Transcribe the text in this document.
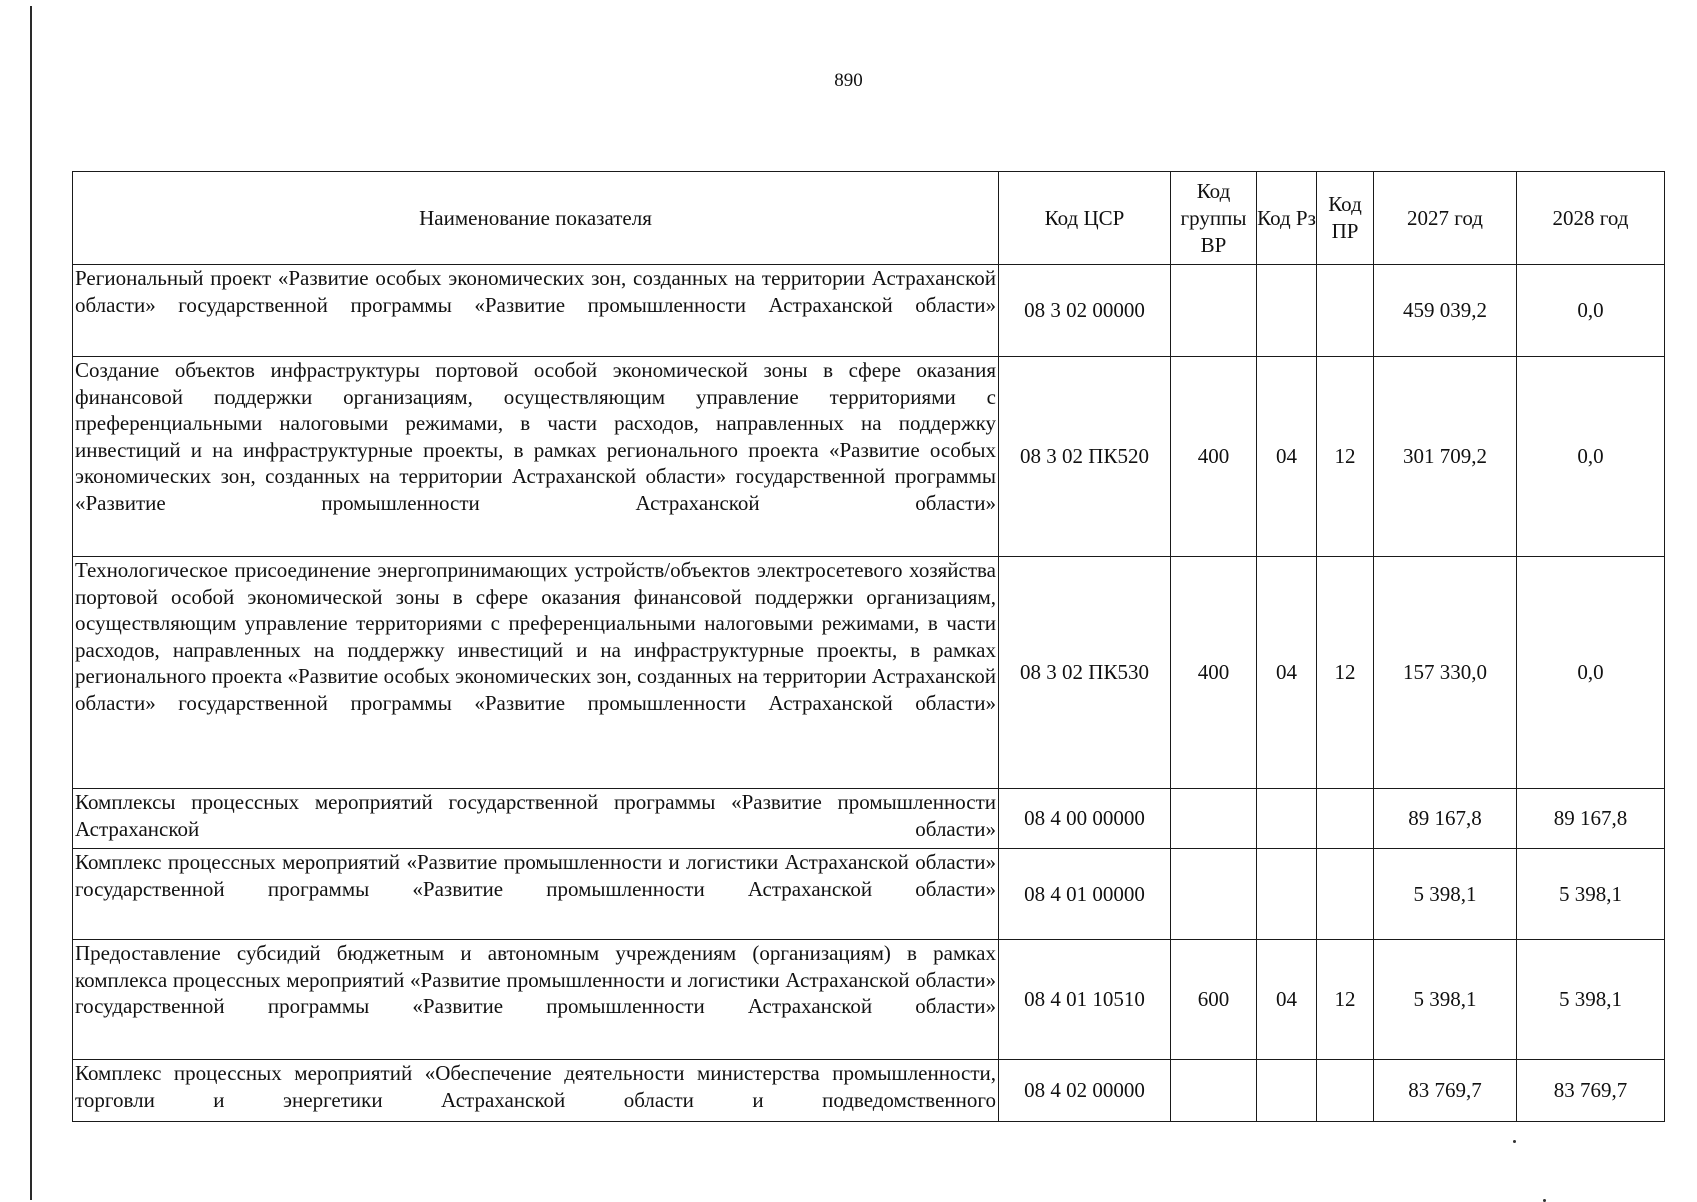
890
Наименование показателя	Код ЦСР	Код группы ВР	Код Рз	Код ПР	2027 год	2028 год
Региональный проект «Развитие особых экономических зон, созданных на территории Астраханской области» государственной программы «Развитие промышленности Астраханской области»	08 3 02 00000				459 039,2	0,0
Создание объектов инфраструктуры портовой особой экономической зоны в сфере оказания финансовой поддержки организациям, осуществляющим управление территориями с преференциальными налоговыми режимами, в части расходов, направленных на поддержку инвестиций и на инфраструктурные проекты, в рамках регионального проекта «Развитие особых экономических зон, созданных на территории Астраханской области» государственной программы «Развитие промышленности Астраханской области»	08 3 02 ПК520	400	04	12	301 709,2	0,0
Технологическое присоединение энергопринимающих устройств/объектов электросетевого хозяйства портовой особой экономической зоны в сфере оказания финансовой поддержки организациям, осуществляющим управление территориями с преференциальными налоговыми режимами, в части расходов, направленных на поддержку инвестиций и на инфраструктурные проекты, в рамках регионального проекта «Развитие особых экономических зон, созданных на территории Астраханской области» государственной программы «Развитие промышленности Астраханской области»	08 3 02 ПК530	400	04	12	157 330,0	0,0
Комплексы процессных мероприятий государственной программы «Развитие промышленности Астраханской области»	08 4 00 00000				89 167,8	89 167,8
Комплекс процессных мероприятий «Развитие промышленности и логистики Астраханской области» государственной программы «Развитие промышленности Астраханской области»	08 4 01 00000				5 398,1	5 398,1
Предоставление субсидий бюджетным и автономным учреждениям (организациям) в рамках комплекса процессных мероприятий «Развитие промышленности и логистики Астраханской области» государственной программы «Развитие промышленности Астраханской области»	08 4 01 10510	600	04	12	5 398,1	5 398,1
Комплекс процессных мероприятий «Обеспечение деятельности министерства промышленности, торговли и энергетики Астраханской области и подведомственного	08 4 02 00000				83 769,7	83 769,7
